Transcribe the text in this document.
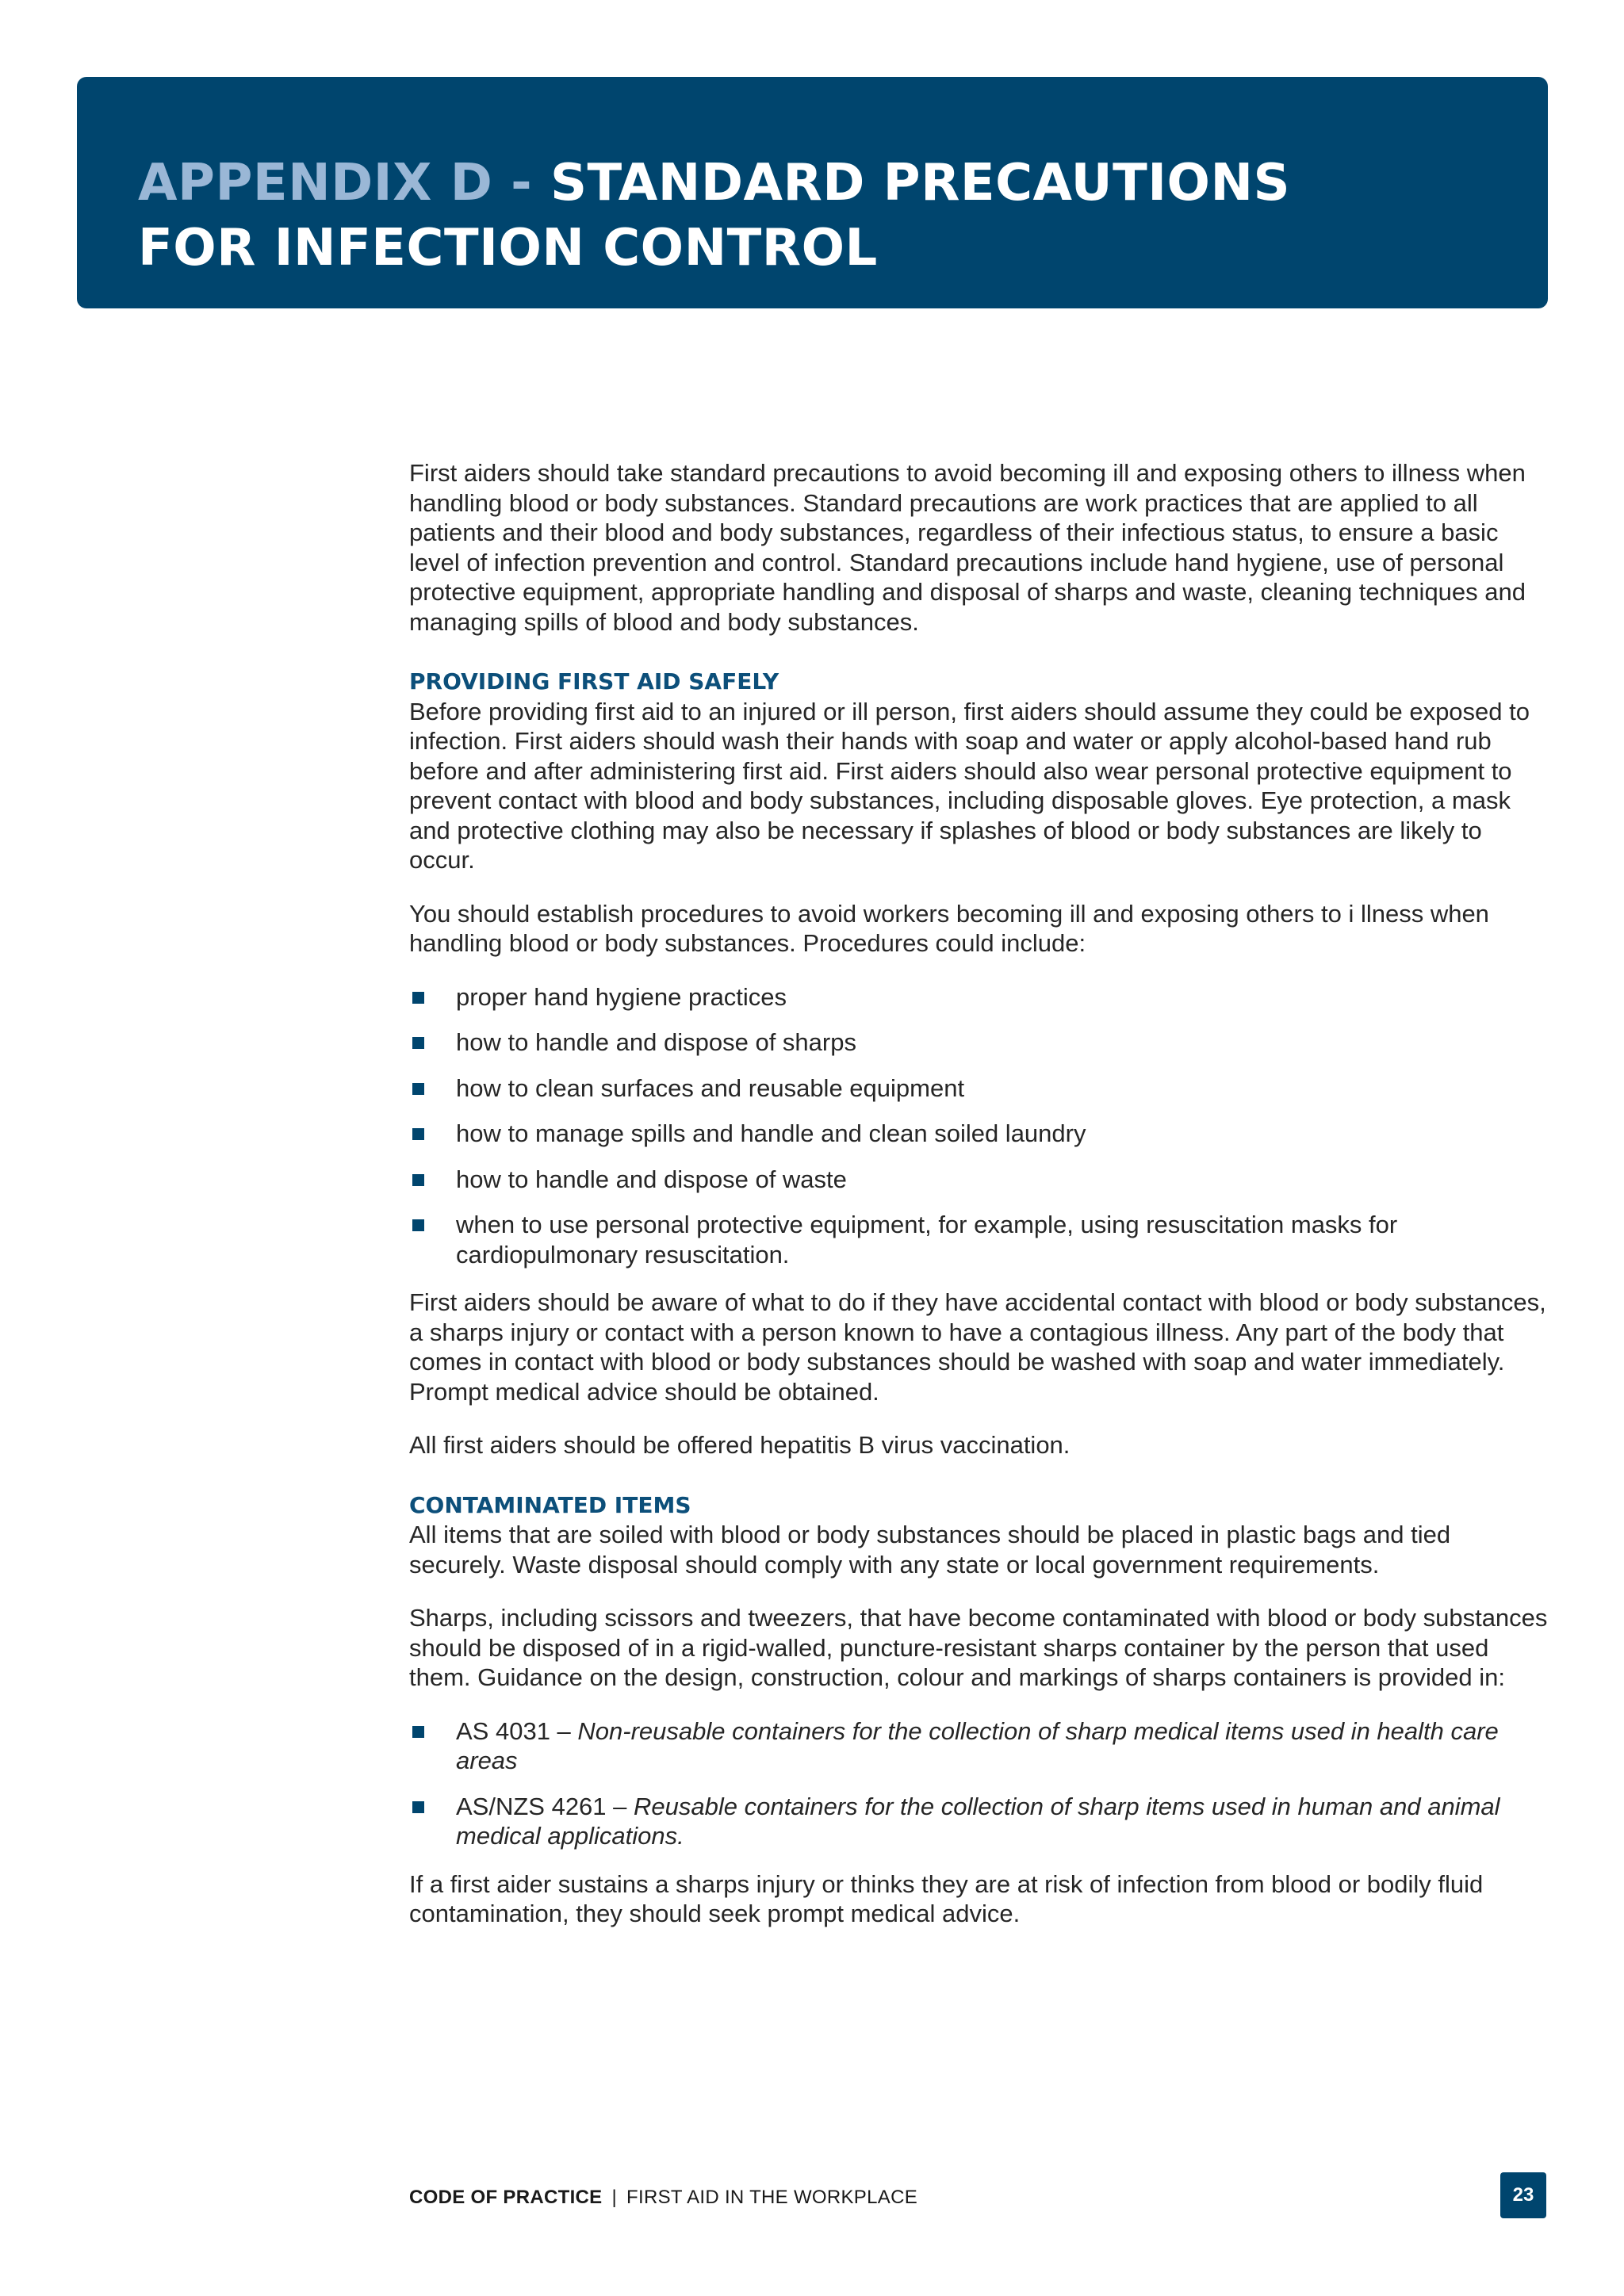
APPENDIX D - STANDARD PRECAUTIONS
FOR INFECTION CONTROL

First aiders should take standard precautions to avoid becoming ill and exposing others to illness when handling blood or body substances. Standard precautions are work practices that are applied to all patients and their blood and body substances, regardless of their infectious status, to ensure a basic level of infection prevention and control. Standard precautions include hand hygiene, use of personal protective equipment, appropriate handling and disposal of sharps and waste, cleaning techniques and managing spills of blood and body substances.

PROVIDING FIRST AID SAFELY

Before providing first aid to an injured or ill person, first aiders should assume they could be exposed to infection. First aiders should wash their hands with soap and water or apply alcohol-based hand rub before and after administering first aid. First aiders should also wear personal protective equipment to prevent contact with blood and body substances, including disposable gloves. Eye protection, a mask and protective clothing may also be necessary if splashes of blood or body substances are likely to occur.

You should establish procedures to avoid workers becoming ill and exposing others to i llness when handling blood or body substances. Procedures could include:

proper hand hygiene practices
how to handle and dispose of sharps
how to clean surfaces and reusable equipment
how to manage spills and handle and clean soiled laundry
how to handle and dispose of waste
when to use personal protective equipment, for example, using resuscitation masks for cardiopulmonary resuscitation.

First aiders should be aware of what to do if they have accidental contact with blood or body substances, a sharps injury or contact with a person known to have a contagious illness. Any part of the body that comes in contact with blood or body substances should be washed with soap and water immediately. Prompt medical advice should be obtained.

All first aiders should be offered hepatitis B virus vaccination.

CONTAMINATED ITEMS

All items that are soiled with blood or body substances should be placed in plastic bags and tied securely. Waste disposal should comply with any state or local government requirements.

Sharps, including scissors and tweezers, that have become contaminated with blood or body substances should be disposed of in a rigid-walled, puncture-resistant sharps container by the person that used them. Guidance on the design, construction, colour and markings of sharps containers is provided in:

AS 4031 – Non-reusable containers for the collection of sharp medical items used in health care areas
AS/NZS 4261 – Reusable containers for the collection of sharp items used in human and animal medical applications.

If a first aider sustains a sharps injury or thinks they are at risk of infection from blood or bodily fluid contamination, they should seek prompt medical advice.

CODE OF PRACTICE | FIRST AID IN THE WORKPLACE	23
